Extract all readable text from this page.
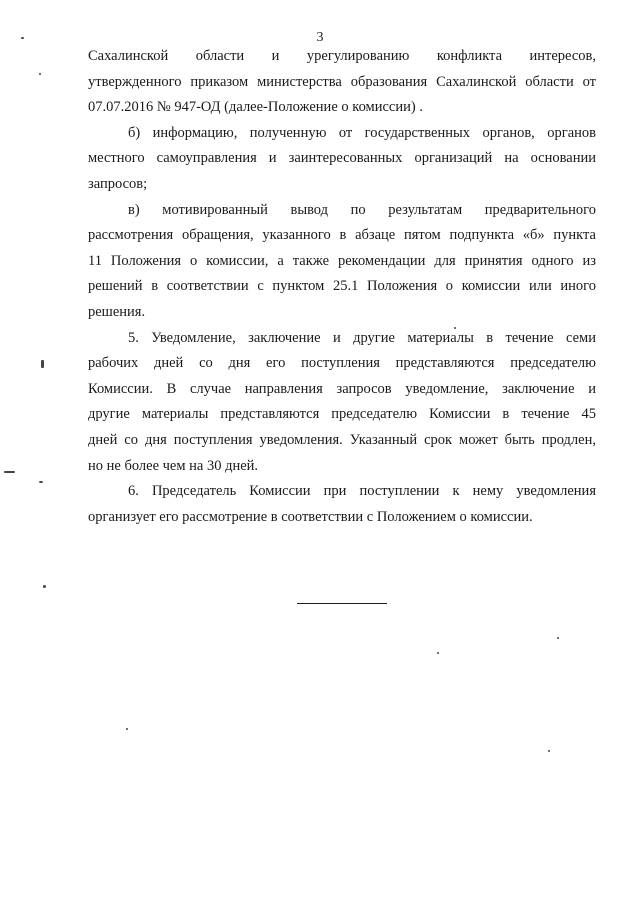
3
Сахалинской области и урегулированию конфликта интересов,
утвержденного приказом министерства образования Сахалинской области от
07.07.2016 № 947-ОД (далее-Положение о комиссии) .
б) информацию, полученную от государственных органов, органов
местного самоуправления и заинтересованных организаций на основании
запросов;
в) мотивированный вывод по результатам предварительного
рассмотрения обращения, указанного в абзаце пятом подпункта «б» пункта
11 Положения о комиссии, а также рекомендации для принятия одного из
решений в соответствии с пунктом 25.1 Положения о комиссии или иного
решения.
5. Уведомление, заключение и другие материалы в течение семи
рабочих дней со дня его поступления представляются председателю
Комиссии. В случае направления запросов уведомление, заключение и
другие материалы представляются председателю Комиссии в течение 45
дней со дня поступления уведомления. Указанный срок может быть продлен,
но не более чем на 30 дней.
6. Председатель Комиссии при поступлении к нему уведомления
организует его рассмотрение в соответствии с Положением о комиссии.
